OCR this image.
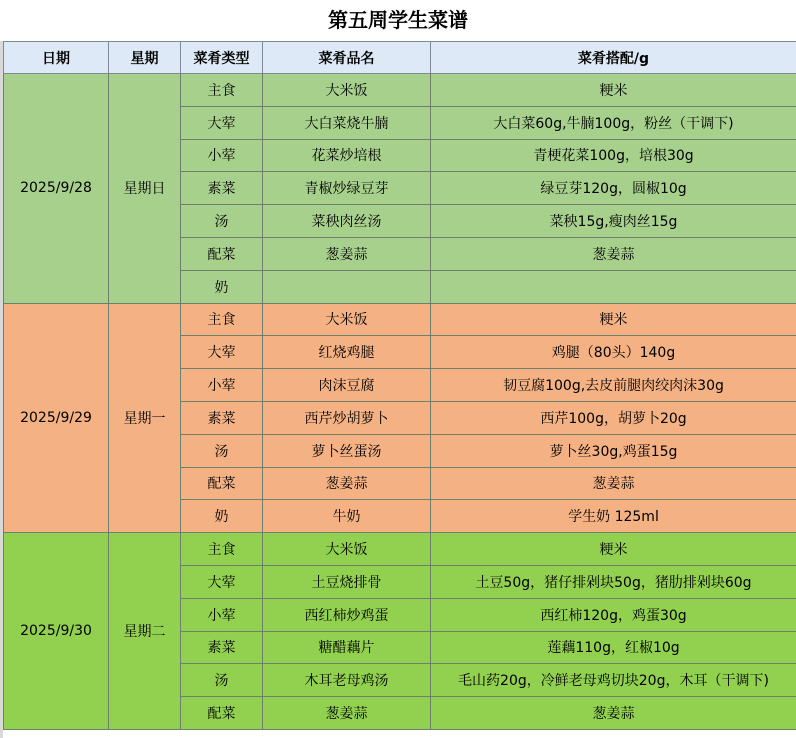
第五周学生菜谱
日期	星期	菜肴类型	菜肴品名	菜肴搭配/g
2025/9/28	星期日	主食	大米饭	粳米
		大荤	大白菜烧牛腩	大白菜60g,牛腩100g，粉丝（干调下)
		小荤	花菜炒培根	青梗花菜100g，培根30g
		素菜	青椒炒绿豆芽	绿豆芽120g，圆椒10g
		汤	菜秧肉丝汤	菜秧15g,瘦肉丝15g
		配菜	葱姜蒜	葱姜蒜
		奶		
2025/9/29	星期一	主食	大米饭	粳米
		大荤	红烧鸡腿	鸡腿（80头）140g
		小荤	肉沫豆腐	韧豆腐100g,去皮前腿肉绞肉沫30g
		素菜	西芹炒胡萝卜	西芹100g，胡萝卜20g
		汤	萝卜丝蛋汤	萝卜丝30g,鸡蛋15g
		配菜	葱姜蒜	葱姜蒜
		奶	牛奶	学生奶 125ml
2025/9/30	星期二	主食	大米饭	粳米
		大荤	土豆烧排骨	土豆50g，猪仔排剁块50g，猪肋排剁块60g
		小荤	西红柿炒鸡蛋	西红柿120g，鸡蛋30g
		素菜	糖醋藕片	莲藕110g，红椒10g
		汤	木耳老母鸡汤	毛山药20g，冷鲜老母鸡切块20g，木耳（干调下)
		配菜	葱姜蒜	葱姜蒜
